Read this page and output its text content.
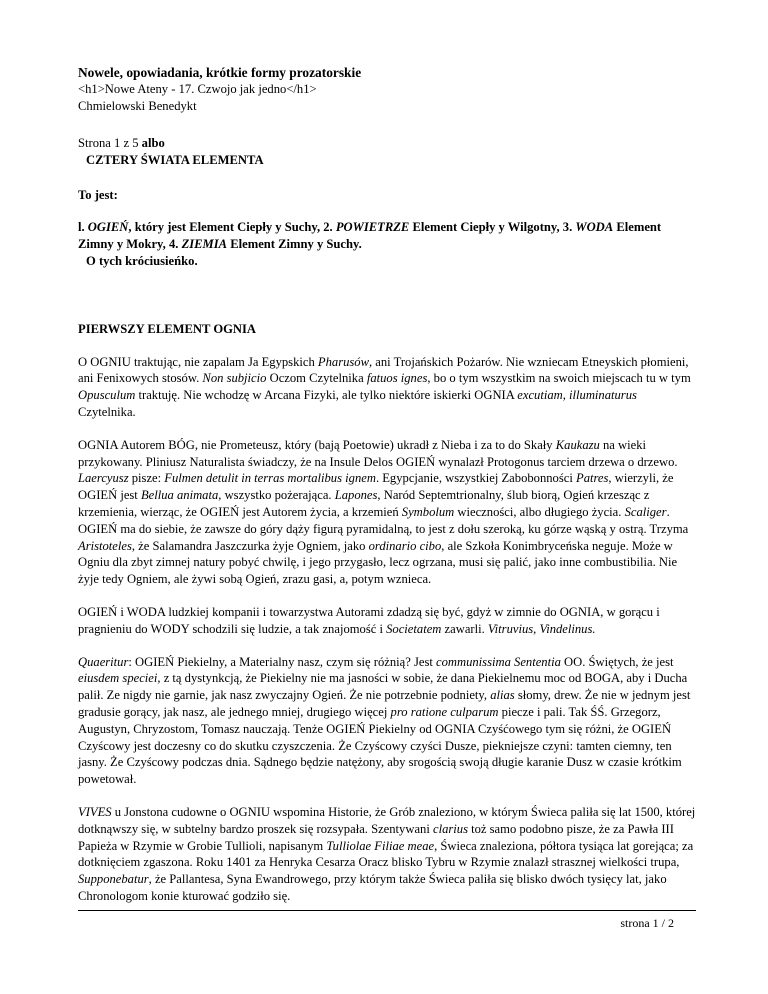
Nowele, opowiadania, krótkie formy prozatorskie

<h1>Nowe Ateny - 17. Czwojo jak jedno</h1>

Chmielowski Benedykt

Strona 1 z 5 albo

CZTERY ŚWIATA ELEMENTA

To jest:

l. OGIEŃ, który jest Element Ciepły y Suchy, 2. POWIETRZE Element Ciepły y Wilgotny, 3. WODA Element Zimny y Mokry, 4. ZIEMIA Element Zimny y Suchy.

O tych króciusieńko.

PIERWSZY ELEMENT OGNIA

O OGNIU traktując, nie zapalam Ja Egypskich Pharusów, ani Trojańskich Pożarów. Nie wzniecam Etneyskich płomieni, ani Fenixowych stosów. Non subjicio Oczom Czytelnika fatuos ignes, bo o tym wszystkim na swoich miejscach tu w tym Opusculum traktuję. Nie wchodzę w Arcana Fizyki, ale tylko niektóre iskierki OGNIA excutiam, illuminaturus Czytelnika.

OGNIA Autorem BÓG, nie Prometeusz, który (bają Poetowie) ukradł z Nieba i za to do Skały Kaukazu na wieki przykowany. Pliniusz Naturalista świadczy, że na Insule Delos OGIEŃ wynalazł Protogonus tarciem drzewa o drzewo. Laercyusz pisze: Fulmen detulit in terras mortalibus ignem. Egypcjanie, wszystkiej Zabobonności Patres, wierzyli, że OGIEŃ jest Bellua animata, wszystko pożerająca. Lapones, Naród Septemtrionalny, ślub biorą, Ogień krzesząc z krzemienia, wierząc, że OGIEŃ jest Autorem życia, a krzemień Symbolum wieczności, albo długiego życia. Scaliger. OGIEŃ ma do siebie, że zawsze do góry dąży figurą pyramidalną, to jest z dołu szeroką, ku górze wąską y ostrą. Trzyma Aristoteles, że Salamandra Jaszczurka żyje Ogniem, jako ordinario cibo, ale Szkoła Konimbryceńska neguje. Może w Ogniu dla zbyt zimnej natury pobyć chwilę, i jego przygasło, lecz ogrzana, musi się palić, jako inne combustibilia. Nie żyje tedy Ogniem, ale żywi sobą Ogień, zrazu gasi, a, potym wznieca.

OGIEŃ i WODA ludzkiej kompanii i towarzystwa Autorami zdadzą się być, gdyż w zimnie do OGNIA, w gorącu i pragnieniu do WODY schodzili się ludzie, a tak znajomość i Societatem zawarli. Vitruvius, Vindelinus.

Quaeritur: OGIEŃ Piekielny, a Materialny nasz, czym się różnią? Jest communissima Sententia OO. Świętych, że jest eiusdem speciei, z tą dystynkcją, że Piekielny nie ma jasności w sobie, że dana Piekielnemu moc od BOGA, aby i Ducha palił. Ze nigdy nie garnie, jak nasz zwyczajny Ogień. Że nie potrzebnie podniety, alias słomy, drew. Że nie w jednym jest gradusie gorący, jak nasz, ale jednego mniej, drugiego więcej pro ratione culparum piecze i pali. Tak ŚŚ. Grzegorz, Augustyn, Chryzostom, Tomasz nauczają. Tenże OGIEŃ Piekielny od OGNIA Czyśćowego tym się różni, że OGIEŃ Czyścowy jest doczesny co do skutku czyszczenia. Że Czyścowy czyści Dusze, piekniejsze czyni: tamten ciemny, ten jasny. Że Czyścowy podczas dnia. Sądnego będzie natężony, aby srogością swoją długie karanie Dusz w czasie krótkim powetował.

VIVES u Jonstona cudowne o OGNIU wspomina Historie, że Grób znaleziono, w którym Świeca paliła się lat 1500, której dotknąwszy się, w subtelny bardzo proszek się rozsypała. Szentywani clarius toż samo podobno pisze, że za Pawła III Papieża w Rzymie w Grobie Tullioli, napisanym Tulliolae Filiae meae, Świeca znaleziona, półtora tysiąca lat gorejąca; za dotknięciem zgaszona. Roku 1401 za Henryka Cesarza Oracz blisko Tybru w Rzymie znalazł strasznej wielkości trupa, Supponebatur, że Pallantesa, Syna Ewandrowego, przy którym także Świeca paliła się blisko dwóch tysięcy lat, jako Chronologom konie kturować godziło się.

strona 1 / 2
